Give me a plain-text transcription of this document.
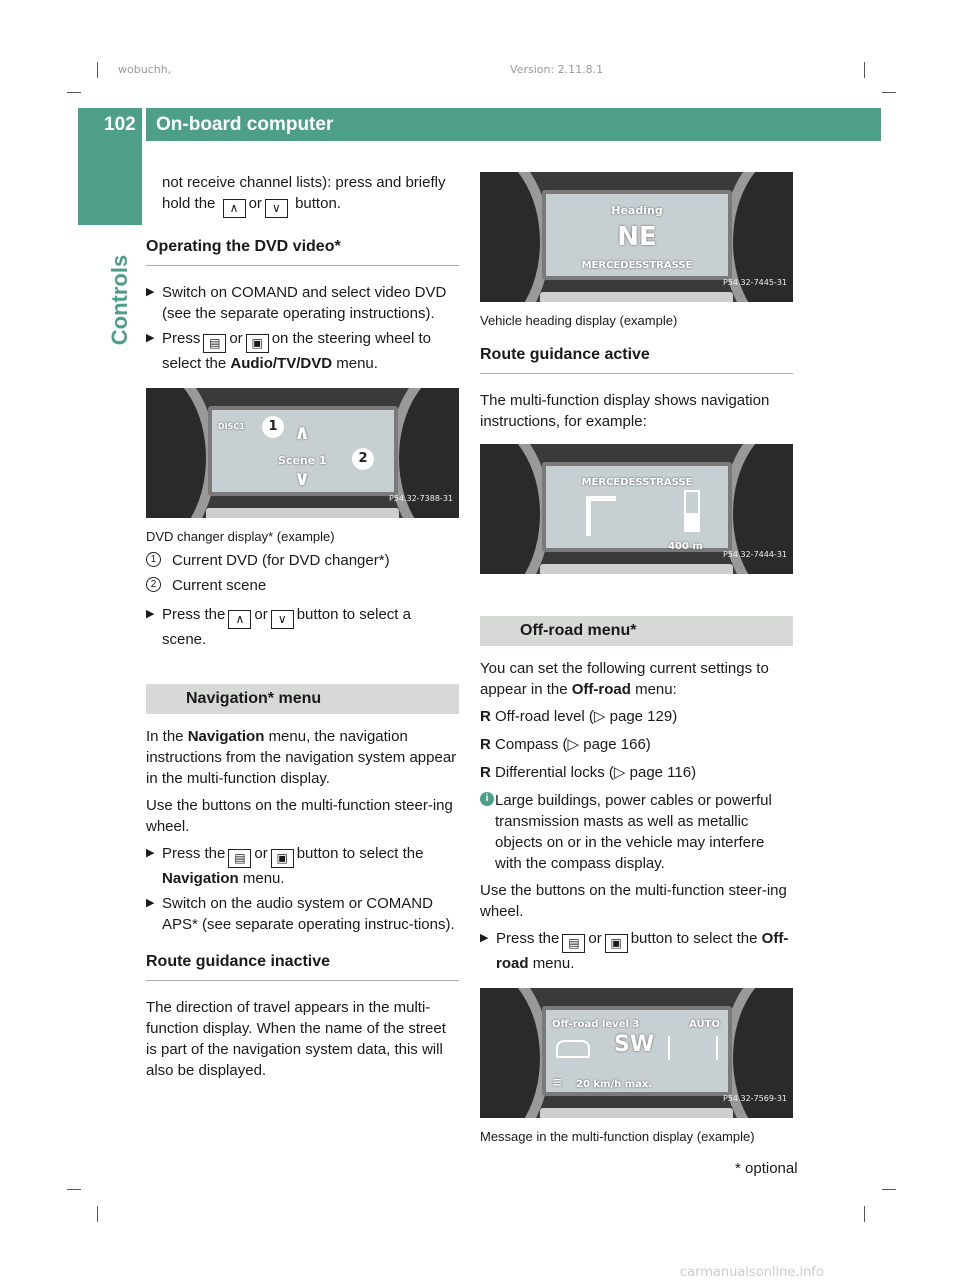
wobuchh,	Version: 2.11.8.1
102	On-board computer
Controls
not receive channel lists): press and briefly hold the ∧ or ∨ button.
Operating the DVD video*
▶ Switch on COMAND and select video DVD (see the separate operating instructions).
▶ Press ▤ or ▣ on the steering wheel to select the Audio/TV/DVD menu.
DISC1 ∧
Scene 1
∨
1
2
P54.32-7388-31
DVD changer display* (example)
1	Current DVD (for DVD changer*)
2	Current scene
▶ Press the ∧ or ∨ button to select a scene.
Navigation* menu
In the Navigation menu, the navigation instructions from the navigation system appear in the multi-function display.
Use the buttons on the multi-function steer-ing wheel.
▶ Press the ▤ or ▣ button to select the Navigation menu.
▶ Switch on the audio system or COMAND APS* (see separate operating instruc-tions).
Route guidance inactive
The direction of travel appears in the multi-function display. When the name of the street is part of the navigation system data, this will also be displayed.
Heading
NE
MERCEDESSTRASSE
P54.32-7445-31
Vehicle heading display (example)
Route guidance active
The multi-function display shows navigation instructions, for example:
MERCEDESSTRASSE
400 m
P54.32-7444-31
Off-road menu*
You can set the following current settings to appear in the Off-road menu:
R Off-road level (▷ page 129)
R Compass (▷ page 166)
R Differential locks (▷ page 116)
i Large buildings, power cables or powerful transmission masts as well as metallic objects on or in the vehicle may interfere with the compass display.
Use the buttons on the multi-function steer-ing wheel.
▶ Press the ▤ or ▣ button to select the Off-road menu.
Off-road level 3	AUTO
SW
≡ 20 km/h max.
P54.32-7569-31
Message in the multi-function display (example)
* optional
carmanualsonline.info
